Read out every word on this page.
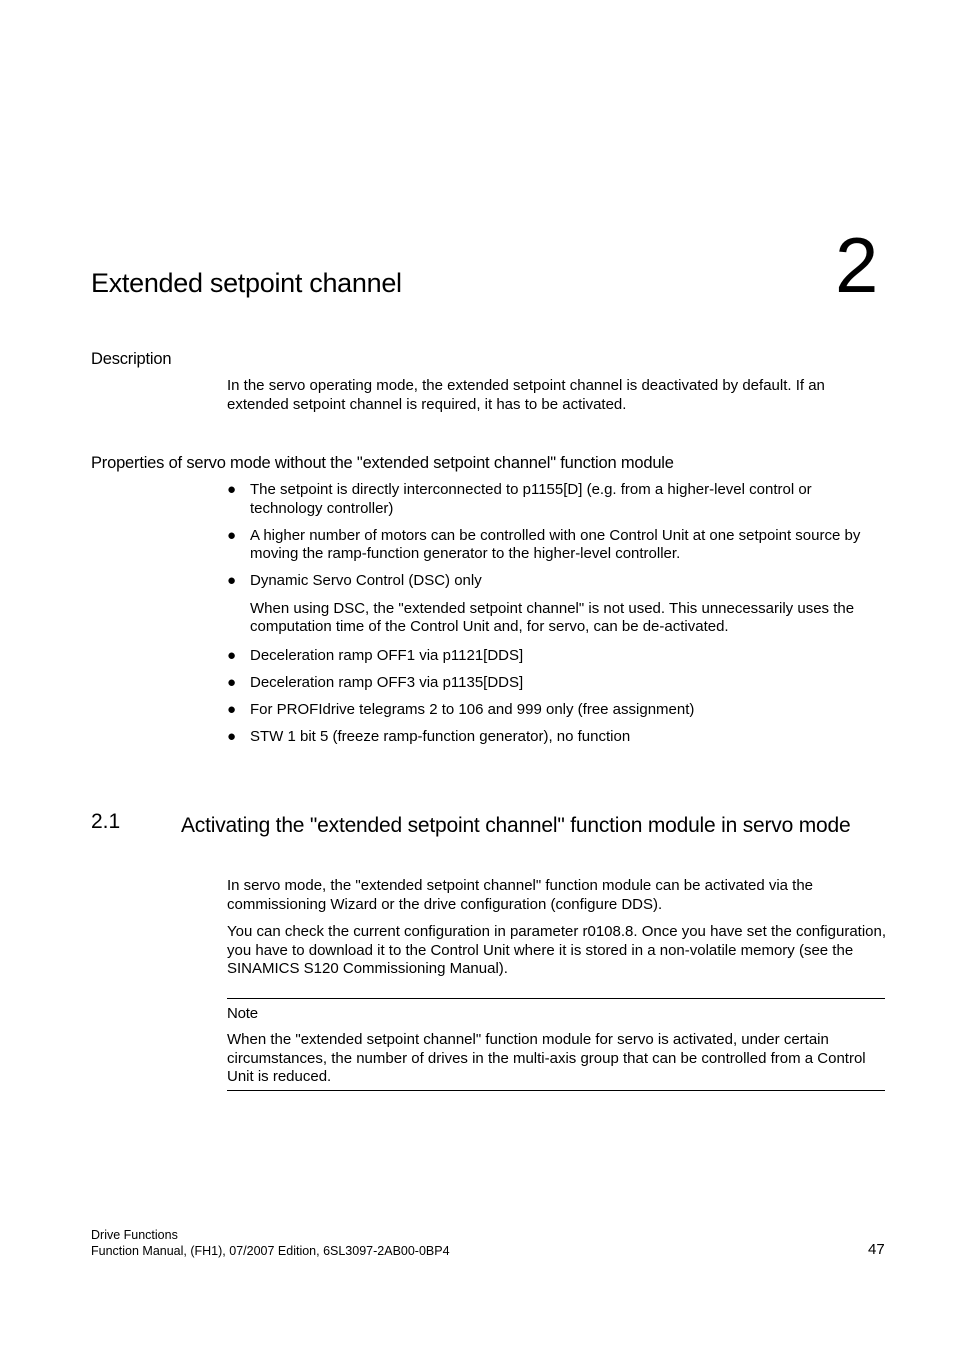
Extended setpoint channel	2
Description
In the servo operating mode, the extended setpoint channel is deactivated by default. If an extended setpoint channel is required, it has to be activated.
Properties of servo mode without the "extended setpoint channel" function module
● The setpoint is directly interconnected to p1155[D] (e.g. from a higher-level control or technology controller)
● A higher number of motors can be controlled with one Control Unit at one setpoint source by moving the ramp-function generator to the higher-level controller.
● Dynamic Servo Control (DSC) only
When using DSC, the "extended setpoint channel" is not used. This unnecessarily uses the computation time of the Control Unit and, for servo, can be de-activated.
● Deceleration ramp OFF1 via p1121[DDS]
● Deceleration ramp OFF3 via p1135[DDS]
● For PROFIdrive telegrams 2 to 106 and 999 only (free assignment)
● STW 1 bit 5 (freeze ramp-function generator), no function
2.1	Activating the "extended setpoint channel" function module in servo mode
In servo mode, the "extended setpoint channel" function module can be activated via the commissioning Wizard or the drive configuration (configure DDS).
You can check the current configuration in parameter r0108.8. Once you have set the configuration, you have to download it to the Control Unit where it is stored in a non-volatile memory (see the SINAMICS S120 Commissioning Manual).
Note
When the "extended setpoint channel" function module for servo is activated, under certain circumstances, the number of drives in the multi-axis group that can be controlled from a Control Unit is reduced.
Drive Functions
Function Manual, (FH1), 07/2007 Edition, 6SL3097-2AB00-0BP4	47
